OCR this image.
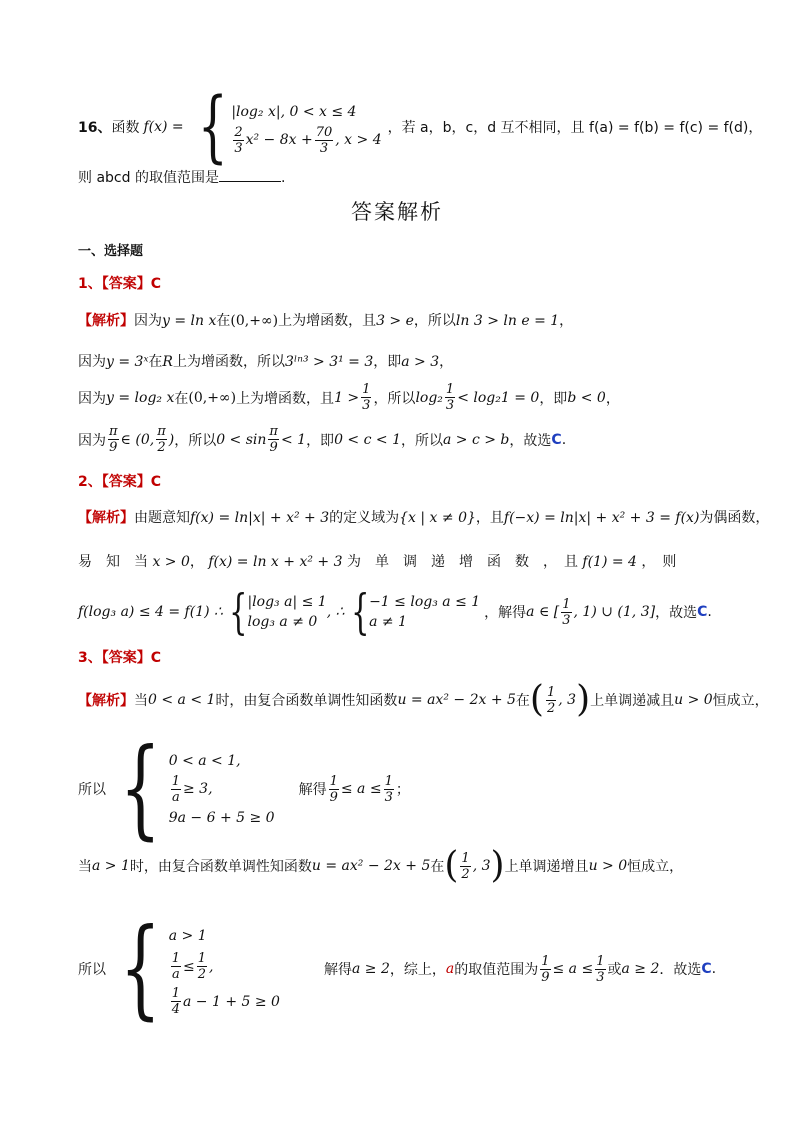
16、 函数 f(x) = { |log₂ x|, 0 < x ≤ 4
$\frac{2}{3} x^2 - 8x + \frac{70}{3}$ , x > 4
，若 a，b，c，d 互不相同，且 f(a) = f(b) = f(c) = f(d)，
则 abcd 的取值范围是	.
答案解析
一、选择题
1、【答案】C
【解析】因为y = ln x在(0,+∞)上为增函数，且3 > e，所以ln 3 > ln e = 1，
因为y = 3ˣ在R上为增函数，所以3ˡⁿ³ > 3¹ = 3，即a > 3，
因为 y = log₂ x 在 (0,+∞) 上为增函数，且 $1 > \frac{1}{3}$ ，所以 $\log_2 \frac{1}{3} < \log_21 = 0$ ，即 b < 0 ，
因为 $\frac{\pi}{9}$ ∈ (0, $\frac{\pi}{2}$ ) ，所以 $0 < \sin \frac{\pi}{9} < 1$ ，即 0 < c < 1 ，所以 a > c > b ，故选 C .
2、【答案】C
【解析】由题意知f(x) = ln|x| + x² + 3的定义域为{x | x ≠ 0}，且f(−x) = ln|x| + x² + 3 = f(x)为偶函数，
易　知　当 x > 0， f(x) = ln x + x² + 3 为　单　调　递　增　函　数　，　且 f(1) = 4 ，　则
f(log₃ a) ≤ 4 = f(1) ∴ { |log₃ a| ≤ 1
log₃ a ≠ 0
, ∴ { −1 ≤ log₃ a ≤ 1
a ≠ 1
，解得 a ∈ [ $\frac{1}{3}$ , 1) ∪ (1, 3] ，故选 C .
3、【答案】C
【解析】 当 0 < a < 1 时，由复合函数单调性知函数 u = ax² − 2x + 5 在 ( $\frac{1}{2}$ , 3 ) 上单调递减且 u > 0 恒成立，
所以 { 0 < a < 1,
$\frac{1}{a} \ge 3$,
9a − 6 + 5 ≥ 0
解得 $\frac{1}{9} \le a \le \frac{1}{3}$ ；
当 a > 1 时，由复合函数单调性知函数 u = ax² − 2x + 5 在 ( $\frac{1}{2}$ , 3 ) 上单调递增且 u > 0 恒成立，
所以 { a > 1
$\frac{1}{a} \le \frac{1}{2}$ ,
$\frac{1}{4}$ a − 1 + 5 ≥ 0
解得 a ≥ 2 ，综上， a 的取值范围为 $\frac{1}{9} \le a \le \frac{1}{3}$ 或 a ≥ 2 ．故选 C .
